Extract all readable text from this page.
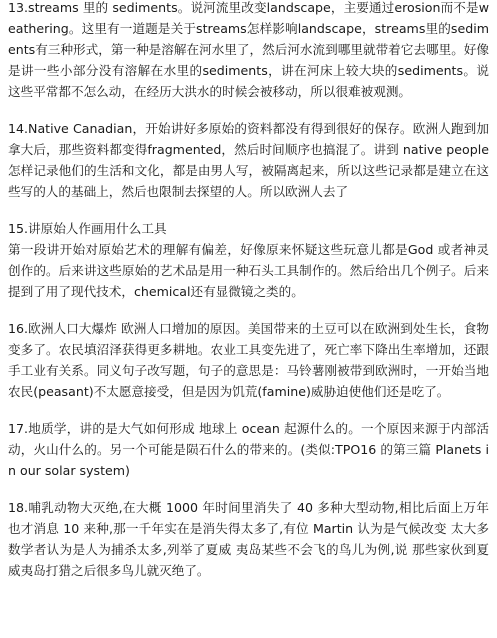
13.streams 里的 sediments。说河流里改变landscape，主要通过erosion而不是weathering。这里有一道题是关于streams怎样影响landscape，streams里的sediments有三种形式，第一种是溶解在河水里了，然后河水流到哪里就带着它去哪里。好像是讲一些小部分没有溶解在水里的sediments，讲在河床上较大块的sediments。说这些平常都不怎么动，在经历大洪水的时候会被移动，所以很难被观测。

14.Native Canadian，开始讲好多原始的资料都没有得到很好的保存。欧洲人跑到加拿大后，那些资料都变得fragmented，然后时间顺序也搞混了。讲到 native people 怎样记录他们的生活和文化，都是由男人写，被隔离起来，所以这些记录都是建立在这些写的人的基础上，然后也限制去探望的人。所以欧洲人去了

15.讲原始人作画用什么工具
第一段讲开始对原始艺术的理解有偏差，好像原来怀疑这些玩意儿都是God 或者神灵创作的。后来讲这些原始的艺术品是用一种石头工具制作的。然后给出几个例子。后来提到了用了现代技术，chemical还有显微镜之类的。

16.欧洲人口大爆炸 欧洲人口增加的原因。美国带来的土豆可以在欧洲到处生长，食物变多了。农民填沼泽获得更多耕地。农业工具变先进了，死亡率下降出生率增加，还跟手工业有关系。同义句子改写题，句子的意思是：马铃薯刚被带到欧洲时，一开始当地农民(peasant)不太愿意接受，但是因为饥荒(famine)威胁迫使他们还是吃了。

17.地质学，讲的是大气如何形成 地球上 ocean 起源什么的。一个原因来源于内部活动，火山什么的。另一个可能是陨石什么的带来的。(类似:TPO16 的第三篇 Planets in our solar system)

18.哺乳动物大灭绝,在大概 1000 年时间里消失了 40 多种大型动物,相比后面上万年 也才消息 10 来种,那一千年实在是消失得太多了,有位 Martin 认为是气候改变 太大多数学者认为是人为捕杀太多,列举了夏威 夷岛某些不会飞的鸟儿为例,说 那些家伙到夏威夷岛打猎之后很多鸟儿就灭绝了。
